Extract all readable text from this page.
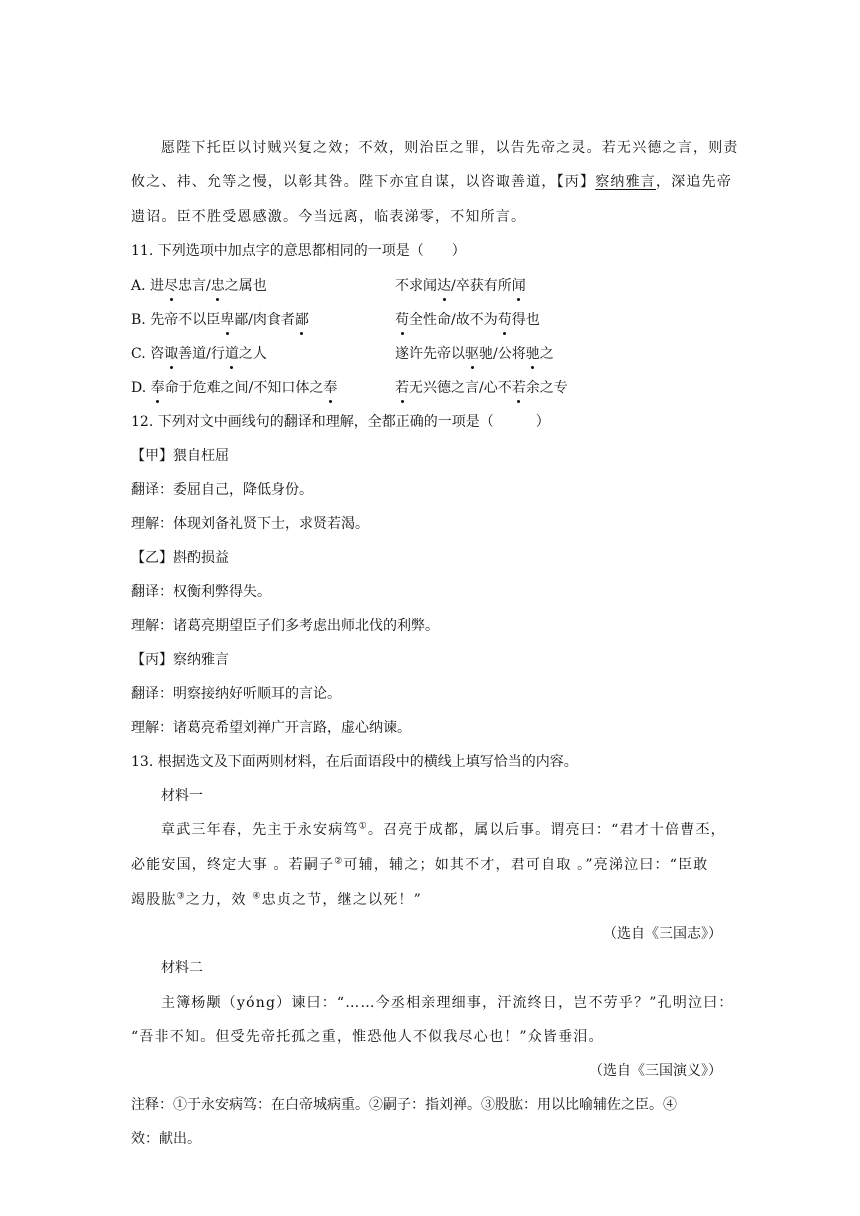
愿陛下托臣以讨贼兴复之效；不效，则治臣之罪，以告先帝之灵。若无兴德之言，则责
攸之、祎、允等之慢，以彰其咎。陛下亦宜自谋，以咨诹善道，【丙】察纳雅言，深追先帝
遗诏。臣不胜受恩感激。今当远离，临表涕零，不知所言。
11. 下列选项中加点字的意思都相同的一项是（　　）
A. 进尽忠言/忠之属也	不求闻达/卒获有所闻
B. 先帝不以臣卑鄙/肉食者鄙	苟全性命/故不为苟得也
C. 咨诹善道/行道之人	遂许先帝以驱驰/公将驰之
D. 奉命于危难之间/不知口体之奉	若无兴德之言/心不若余之专
12. 下列对文中画线句的翻译和理解，全都正确的一项是（　　　）
【甲】猥自枉屈
翻译：委屈自己，降低身份。
理解：体现刘备礼贤下士，求贤若渴。
【乙】斟酌损益
翻译：权衡利弊得失。
理解：诸葛亮期望臣子们多考虑出师北伐的利弊。
【丙】察纳雅言
翻译：明察接纳好听顺耳的言论。
理解：诸葛亮希望刘禅广开言路，虚心纳谏。
13. 根据选文及下面两则材料，在后面语段中的横线上填写恰当的内容。
材料一
章武三年春，先主于永安病笃①。召亮于成都，属以后事。谓亮曰：“君才十倍曹丕，
必能安国，终定大事 。若嗣子②可辅，辅之；如其不才，君可自取 。”亮涕泣曰：“臣敢
竭股肱③之力，效 ④忠贞之节，继之以死！”
（选自《三国志》）
材料二
主簿杨颙（yóng）谏曰：“……今丞相亲理细事，汗流终日，岂不劳乎？”孔明泣曰：
“吾非不知。但受先帝托孤之重，惟恐他人不似我尽心也！”众皆垂泪。
（选自《三国演义》）
注释：①于永安病笃：在白帝城病重。②嗣子：指刘禅。③股肱：用以比喻辅佐之臣。④
效：献出。
